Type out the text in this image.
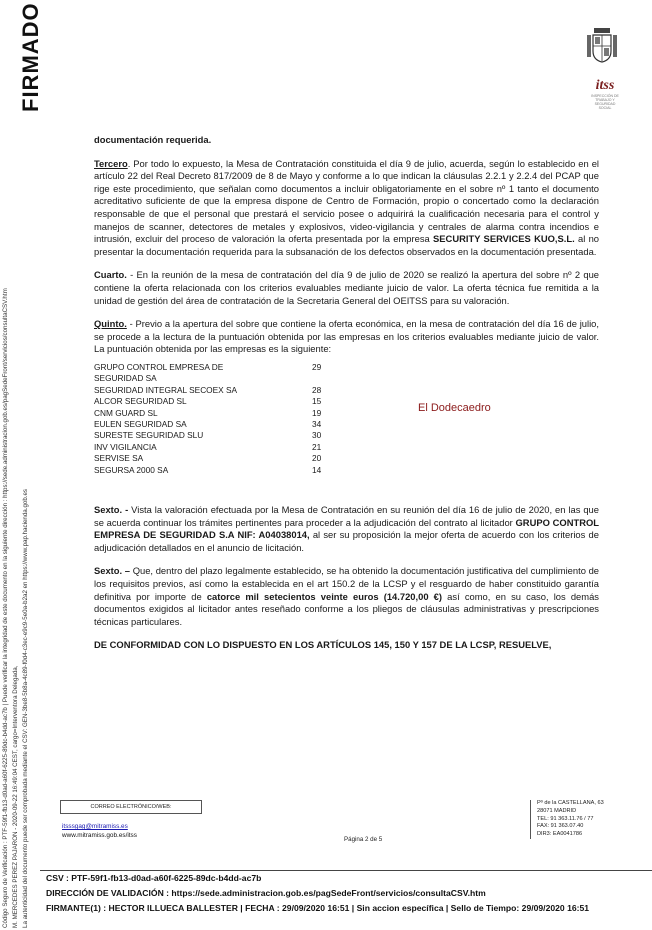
FIRMADO
Código Seguro de Verificación : PTF-59f1-fb13-d0ad-a60f-6225-89dc-b4dd-ac7b | Puede verificar la integridad de este documento en la siguiente dirección : https://sede.administracion.gob.es/pagSedeFront/servicios/consultaCSV.htm M. MERCEDES PEREZ PAJARON - 2020-09-22 16:49:04 CEST, cargo=Interventora Delegada, La autenticidad del documento puede ser comprobada mediante el CSV: GEN-3be8-5b8a-4c89-f0d4-c3ec-e9c9-5e0a-b2a2 en https://www.pap.hacienda.gob.es
itss
INSPECCIÓN DE TRABAJO Y SEGURIDAD SOCIAL

documentación requerida.

Tercero. Por todo lo expuesto, la Mesa de Contratación constituida el día 9 de julio, acuerda, según lo establecido en el artículo 22 del Real Decreto 817/2009 de 8 de Mayo y conforme a lo que indican la cláusulas 2.2.1 y 2.2.4 del PCAP que rige este procedimiento, que señalan como documentos a incluir obligatoriamente en el sobre nº 1 tanto el documento acreditativo suficiente de que la empresa dispone de Centro de Formación, propio o concertado como la declaración responsable de que el personal que prestará el servicio posee o adquirirá la cualificación necesaria para el control y manejos de scanner, detectores de metales y explosivos, video-vigilancia y centrales de alarma contra incendios e intrusión, excluir del proceso de valoración la oferta presentada por la empresa SECURITY SERVICES KUO,S.L. al no presentar la documentación requerida para la subsanación de los defectos observados en la documentación presentada.

Cuarto. - En la reunión de la mesa de contratación del día 9 de julio de 2020 se realizó la apertura del sobre nº 2 que contiene la oferta relacionada con los criterios evaluables mediante juicio de valor. La oferta técnica fue remitida a la unidad de gestión del área de contratación de la Secretaria General del OEITSS para su valoración.

Quinto. - Previo a la apertura del sobre que contiene la oferta económica, en la mesa de contratación del día 16 de julio, se procede a la lectura de la puntuación obtenida por las empresas en los criterios evaluables mediante juicio de valor. La puntuación obtenida por las empresas es la siguiente:

GRUPO CONTROL EMPRESA DE	29
SEGURIDAD SA
SEGURIDAD INTEGRAL SECOEX SA	28
ALCOR SEGURIDAD SL	15
CNM GUARD SL	19
EULEN SEGURIDAD SA	34
SURESTE SEGURIDAD SLU	30
INV VIGILANCIA	21
SERVISE SA	20
SEGURSA 2000 SA	14
El Dodecaedro

Sexto. - Vista la valoración efectuada por la Mesa de Contratación en su reunión del día 16 de julio de 2020, en las que se acuerda continuar los trámites pertinentes para proceder a la adjudicación del contrato al licitador GRUPO CONTROL EMPRESA DE SEGURIDAD S.A NIF: A04038014, al ser su proposición la mejor oferta de acuerdo con los criterios de adjudicación detallados en el anuncio de licitación.

Sexto. – Que, dentro del plazo legalmente establecido, se ha obtenido la documentación justificativa del cumplimiento de los requisitos previos, así como la establecida en el art 150.2 de la LCSP y el resguardo de haber constituido garantía definitiva por importe de catorce mil setecientos veinte euros (14.720,00 €) así como, en su caso, los demás documentos exigidos al licitador antes reseñado conforme a los pliegos de cláusulas administrativas y prescripciones técnicas particulares.

DE CONFORMIDAD CON LO DISPUESTO EN LOS ARTÍCULOS 145, 150 Y 157 DE LA LCSP, RESUELVE,

CORREO ELECTRÓNICO/WEB:
itsssgag@mitramiss.es
www.mitramiss.gob.es/itss
Página 2 de 5
Pº de la CASTELLANA, 63
28071 MADRID
TEL: 91 363.11.76 / 77
FAX: 91 363.07.40
DIR3: EA0041786
CSV : PTF-59f1-fb13-d0ad-a60f-6225-89dc-b4dd-ac7b
DIRECCIÓN DE VALIDACIÓN : https://sede.administracion.gob.es/pagSedeFront/servicios/consultaCSV.htm
FIRMANTE(1) : HECTOR ILLUECA BALLESTER | FECHA : 29/09/2020 16:51 | Sin accion específica | Sello de Tiempo: 29/09/2020 16:51
